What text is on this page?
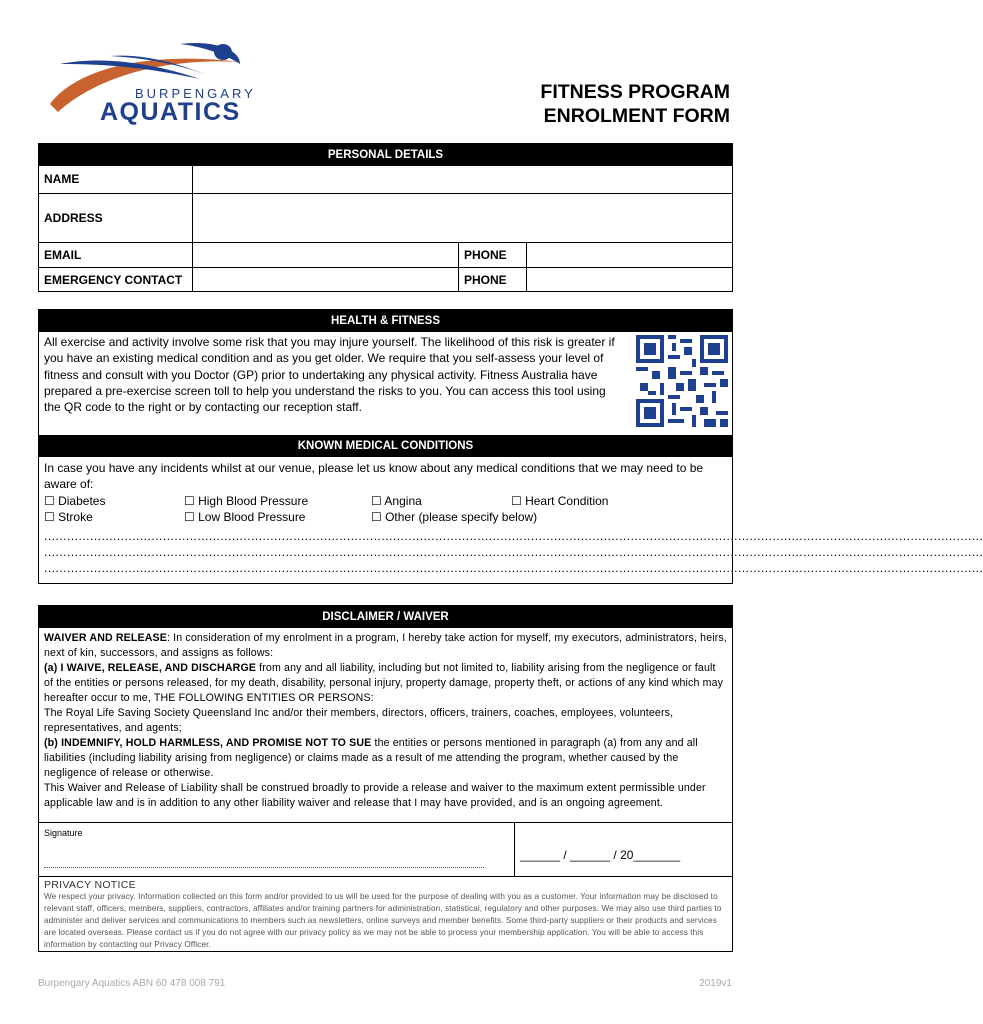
BURPENGARY
AQUATICS
FITNESS PROGRAM
ENROLMENT FORM
PERSONAL DETAILS
NAME			
ADDRESS			
EMAIL		PHONE	
EMERGENCY CONTACT		PHONE	
HEALTH & FITNESS
All exercise and activity involve some risk that you may injure yourself. The likelihood of this risk is greater if you have an existing medical condition and as you get older. We require that you self-assess your level of fitness and consult with you Doctor (GP) prior to undertaking any physical activity. Fitness Australia have prepared a pre-exercise screen toll to help you understand the risks to you. You can access this tool using the QR code to the right or by contacting our reception staff.
KNOWN MEDICAL CONDITIONS
In case you have any incidents whilst at our venue, please let us know about any medical conditions that we may need to be aware of:
☐ Diabetes	☐ High Blood Pressure	☐ Angina	☐ Heart Condition
☐ Stroke	☐ Low Blood Pressure	☐ Other (please specify below)
.....................................................................................................................................................................................................................................................
.....................................................................................................................................................................................................................................................
.....................................................................................................................................................................................................................................................
DISCLAIMER / WAIVER
WAIVER AND RELEASE: In consideration of my enrolment in a program, I hereby take action for myself, my executors, administrators, heirs, next of kin, successors, and assigns as follows:
(a) I WAIVE, RELEASE, AND DISCHARGE from any and all liability, including but not limited to, liability arising from the negligence or fault of the entities or persons released, for my death, disability, personal injury, property damage, property theft, or actions of any kind which may hereafter occur to me, THE FOLLOWING ENTITIES OR PERSONS:
The Royal Life Saving Society Queensland Inc and/or their members, directors, officers, trainers, coaches, employees, volunteers, representatives, and agents;
(b) INDEMNIFY, HOLD HARMLESS, AND PROMISE NOT TO SUE the entities or persons mentioned in paragraph (a) from any and all liabilities (including liability arising from negligence) or claims made as a result of me attending the program, whether caused by the negligence of release or otherwise.
This Waiver and Release of Liability shall be construed broadly to provide a release and waiver to the maximum extent permissible under applicable law and is in addition to any other liability waiver and release that I may have provided, and is an ongoing agreement.
Signature
______ / ______ / 20_______
PRIVACY NOTICE
We respect your privacy. Information collected on this form and/or provided to us will be used for the purpose of dealing with you as a customer. Your information may be disclosed to relevant staff, officers, members, suppliers, contractors, affiliates and/or training partners for administration, statistical, regulatory and other purposes. We may also use third parties to administer and deliver services and communications to members such as newsletters, online surveys and member benefits. Some third-party suppliers or their products and services are located overseas. Please contact us if you do not agree with our privacy policy as we may not be able to process your membership application. You will be able to access this information by contacting our Privacy Officer.
Burpengary Aquatics ABN 60 478 008 791	2019v1
